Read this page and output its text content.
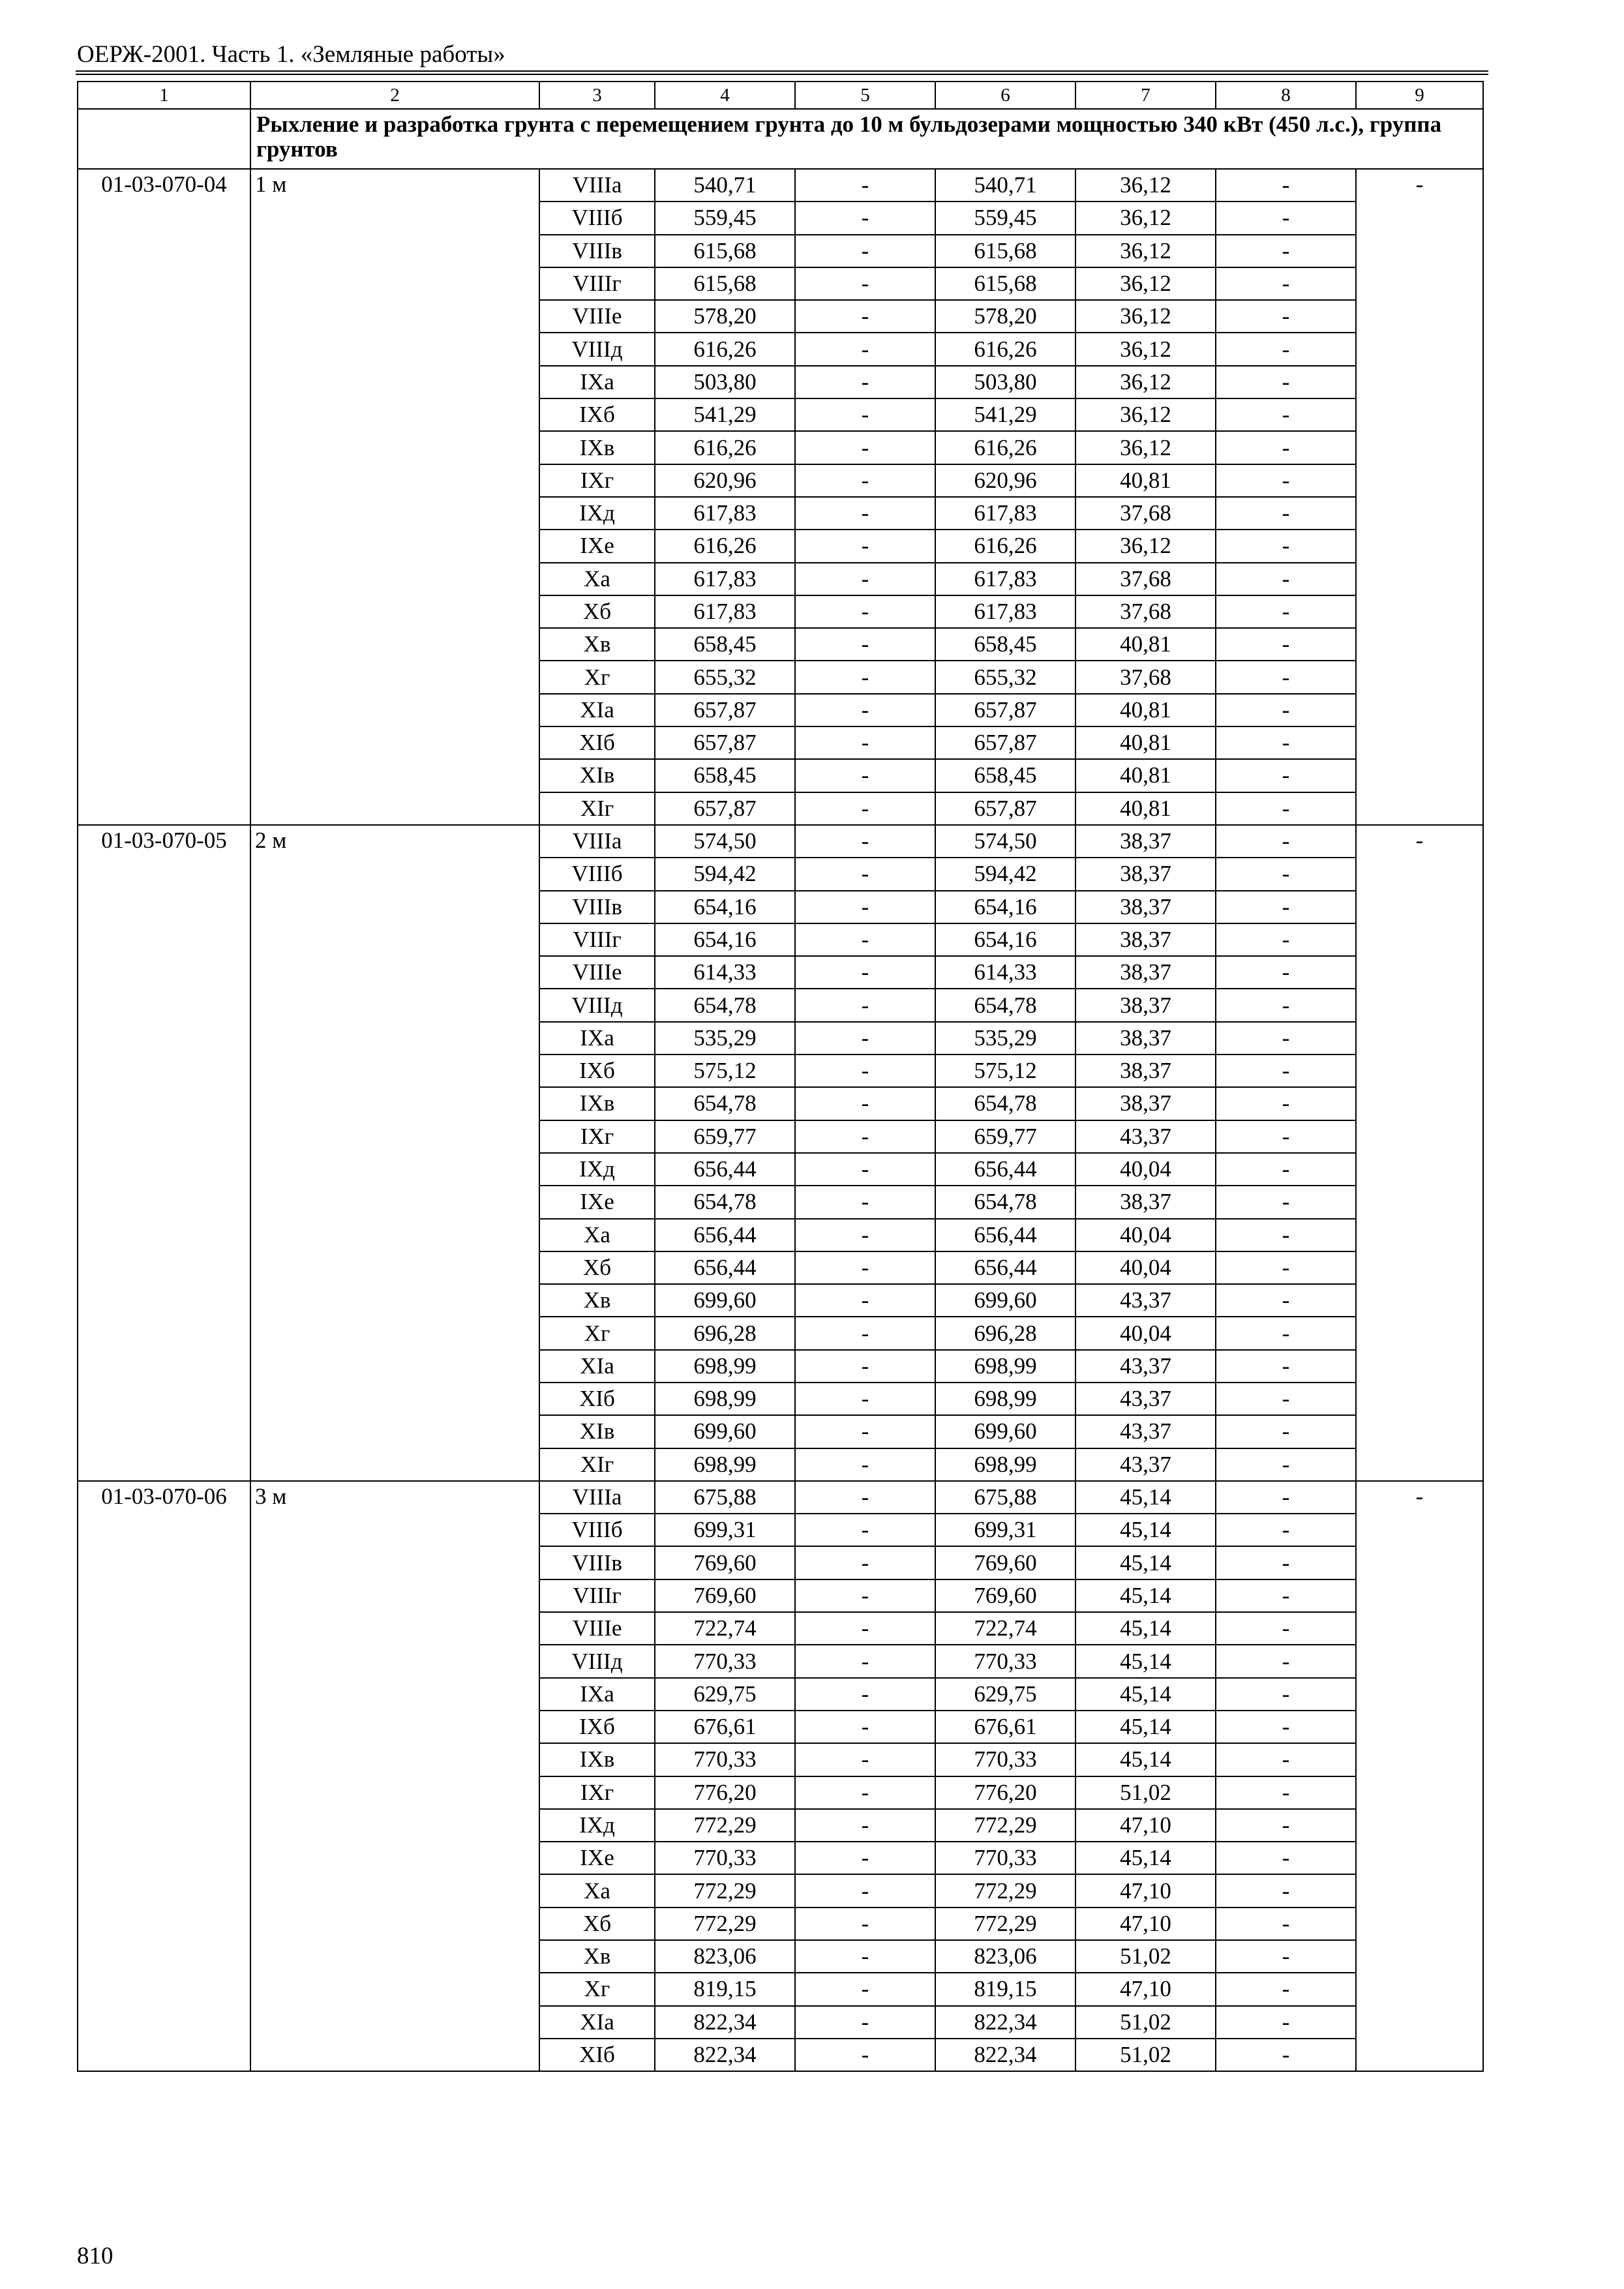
ОЕРЖ-2001. Часть 1. «Земляные работы»
1	2	3	4	5	6	7	8	9
	Рыхление и разработка грунта с перемещением грунта до 10 м бульдозерами мощностью 340 кВт (450 л.с.), группа грунтов							
01-03-070-04	1 м	VIIIа	540,71	-	540,71	36,12	-	-
		VIIIб	559,45	-	559,45	36,12	-	
		VIIIв	615,68	-	615,68	36,12	-	
		VIIIг	615,68	-	615,68	36,12	-	
		VIIIе	578,20	-	578,20	36,12	-	
		VIIIд	616,26	-	616,26	36,12	-	
		IXа	503,80	-	503,80	36,12	-	
		IXб	541,29	-	541,29	36,12	-	
		IXв	616,26	-	616,26	36,12	-	
		IXг	620,96	-	620,96	40,81	-	
		IXд	617,83	-	617,83	37,68	-	
		IXе	616,26	-	616,26	36,12	-	
		Xа	617,83	-	617,83	37,68	-	
		Xб	617,83	-	617,83	37,68	-	
		Xв	658,45	-	658,45	40,81	-	
		Xг	655,32	-	655,32	37,68	-	
		XIа	657,87	-	657,87	40,81	-	
		XIб	657,87	-	657,87	40,81	-	
		XIв	658,45	-	658,45	40,81	-	
		XIг	657,87	-	657,87	40,81	-	
01-03-070-05	2 м	VIIIа	574,50	-	574,50	38,37	-	-
		VIIIб	594,42	-	594,42	38,37	-	
		VIIIв	654,16	-	654,16	38,37	-	
		VIIIг	654,16	-	654,16	38,37	-	
		VIIIе	614,33	-	614,33	38,37	-	
		VIIIд	654,78	-	654,78	38,37	-	
		IXа	535,29	-	535,29	38,37	-	
		IXб	575,12	-	575,12	38,37	-	
		IXв	654,78	-	654,78	38,37	-	
		IXг	659,77	-	659,77	43,37	-	
		IXд	656,44	-	656,44	40,04	-	
		IXе	654,78	-	654,78	38,37	-	
		Xа	656,44	-	656,44	40,04	-	
		Xб	656,44	-	656,44	40,04	-	
		Xв	699,60	-	699,60	43,37	-	
		Xг	696,28	-	696,28	40,04	-	
		XIа	698,99	-	698,99	43,37	-	
		XIб	698,99	-	698,99	43,37	-	
		XIв	699,60	-	699,60	43,37	-	
		XIг	698,99	-	698,99	43,37	-	
01-03-070-06	3 м	VIIIа	675,88	-	675,88	45,14	-	-
		VIIIб	699,31	-	699,31	45,14	-	
		VIIIв	769,60	-	769,60	45,14	-	
		VIIIг	769,60	-	769,60	45,14	-	
		VIIIе	722,74	-	722,74	45,14	-	
		VIIIд	770,33	-	770,33	45,14	-	
		IXа	629,75	-	629,75	45,14	-	
		IXб	676,61	-	676,61	45,14	-	
		IXв	770,33	-	770,33	45,14	-	
		IXг	776,20	-	776,20	51,02	-	
		IXд	772,29	-	772,29	47,10	-	
		IXе	770,33	-	770,33	45,14	-	
		Xа	772,29	-	772,29	47,10	-	
		Xб	772,29	-	772,29	47,10	-	
		Xв	823,06	-	823,06	51,02	-	
		Xг	819,15	-	819,15	47,10	-	
		XIа	822,34	-	822,34	51,02	-	
		XIб	822,34	-	822,34	51,02	-	
810
